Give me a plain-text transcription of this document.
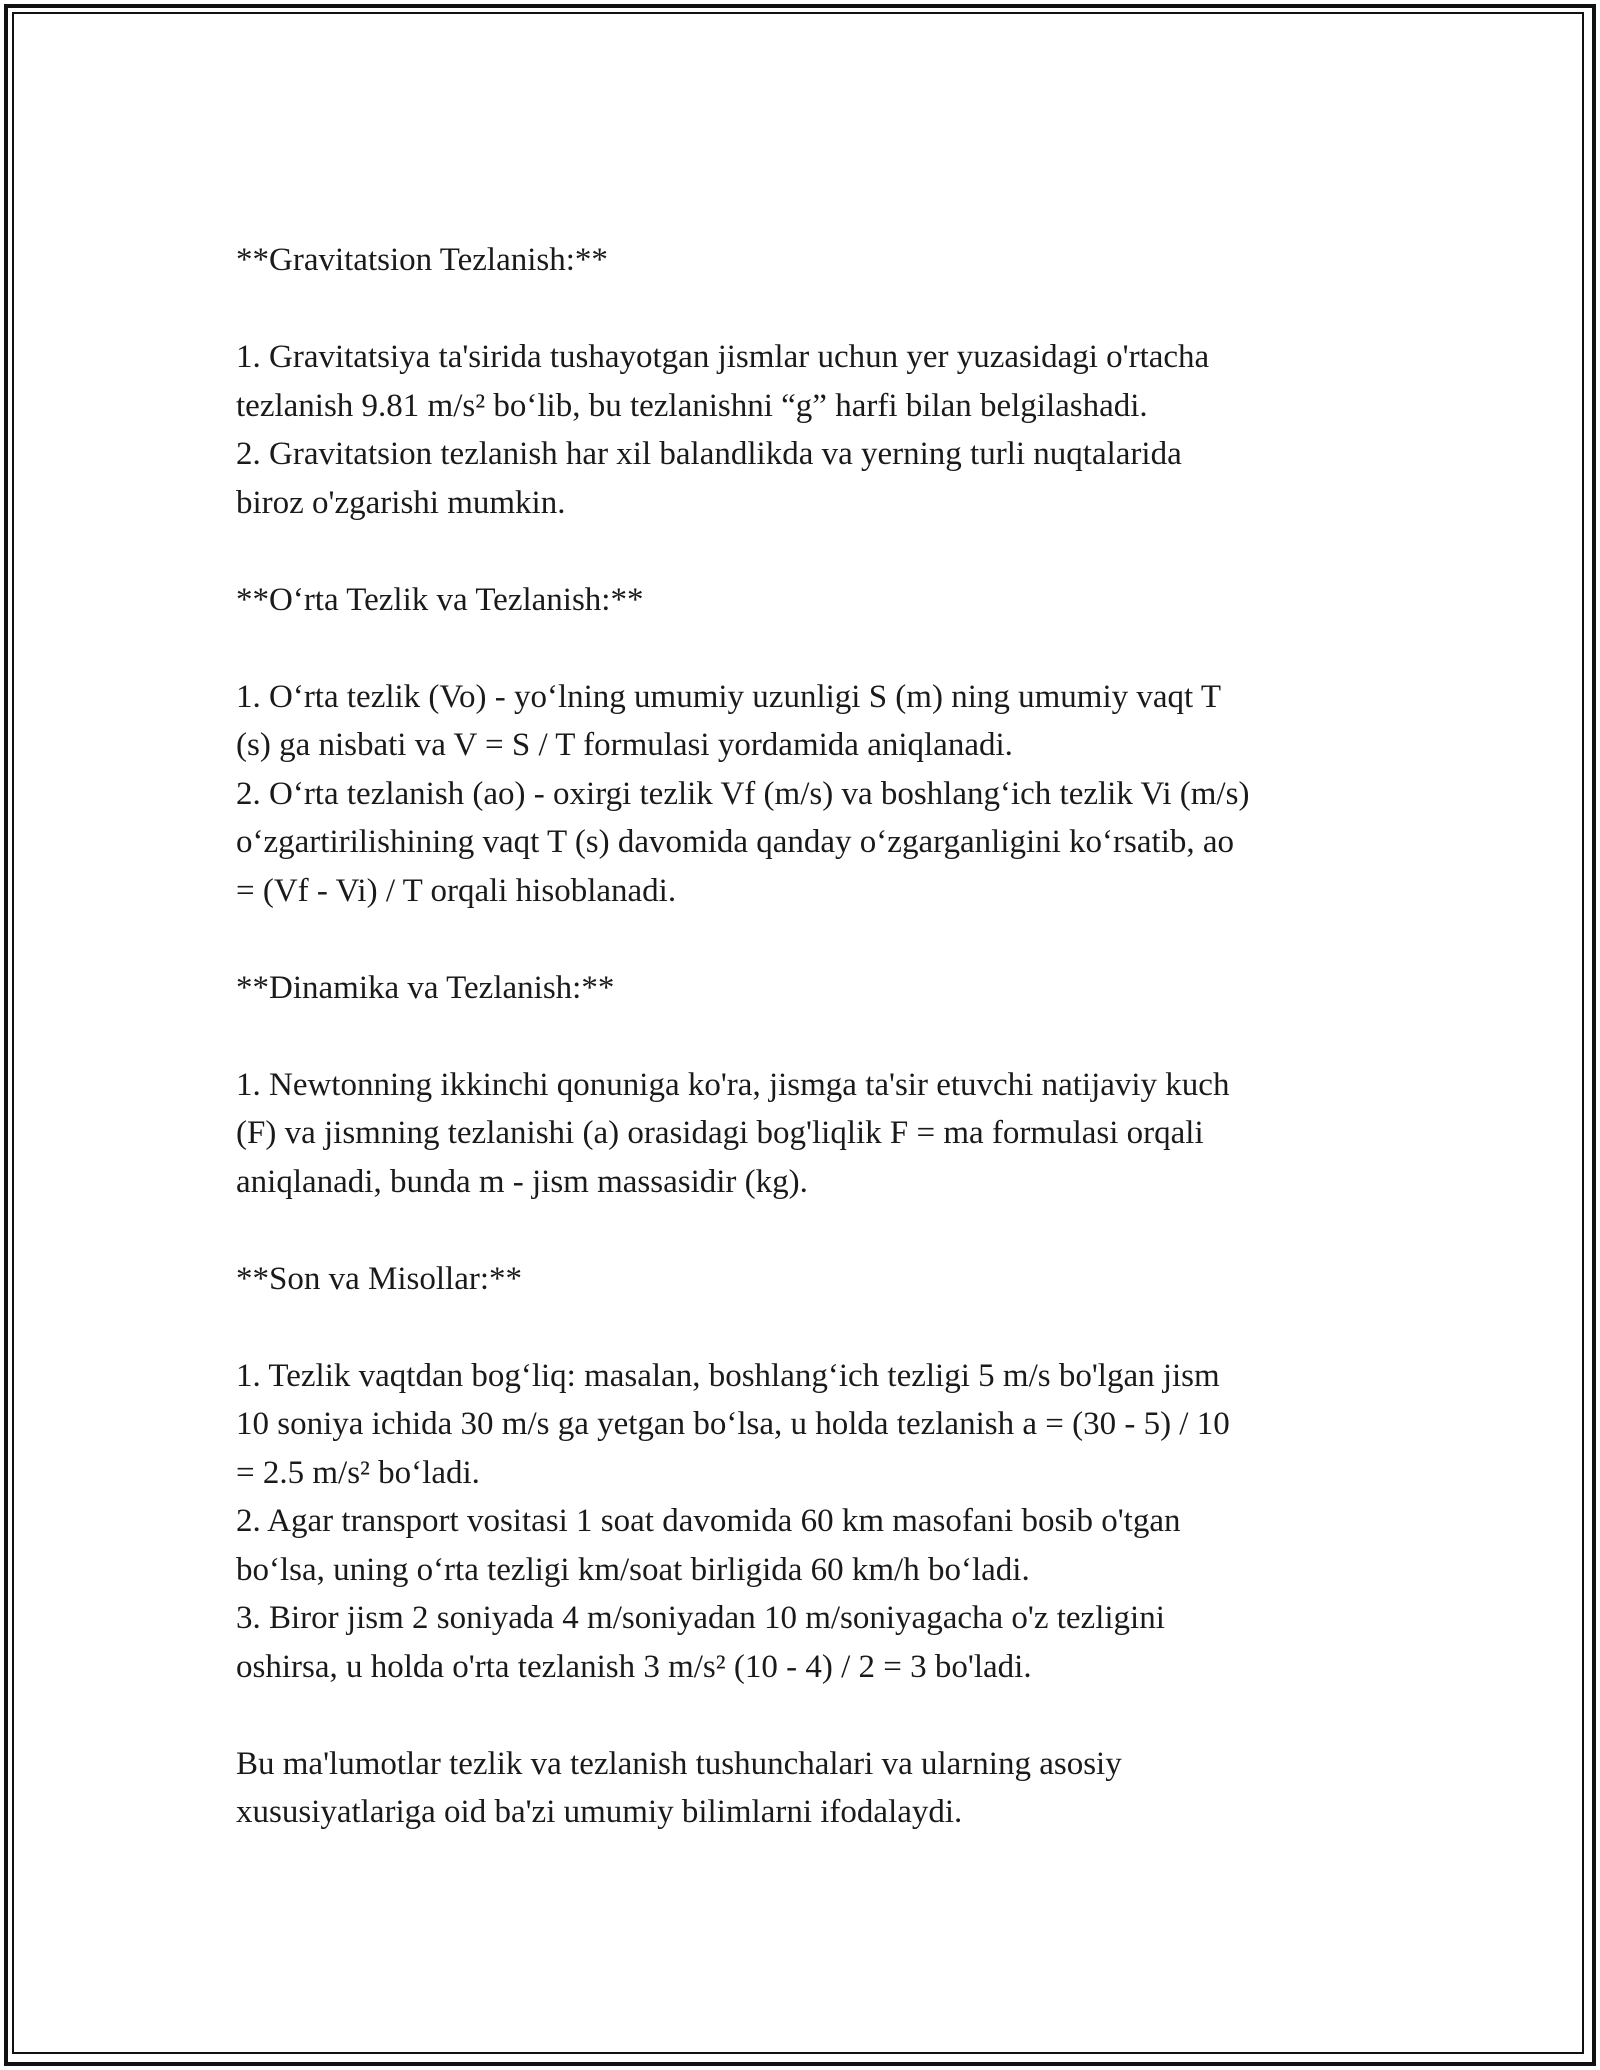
**Gravitatsion Tezlanish:**

1. Gravitatsiya ta'sirida tushayotgan jismlar uchun yer yuzasidagi o'rtacha

tezlanish 9.81 m/s² bo‘lib, bu tezlanishni “g” harfi bilan belgilashadi.

2. Gravitatsion tezlanish har xil balandlikda va yerning turli nuqtalarida

biroz o'zgarishi mumkin.

**O‘rta Tezlik va Tezlanish:**

1. O‘rta tezlik (Vo) - yo‘lning umumiy uzunligi S (m) ning umumiy vaqt T

(s) ga nisbati va V = S / T formulasi yordamida aniqlanadi.

2. O‘rta tezlanish (ao) - oxirgi tezlik Vf (m/s) va boshlang‘ich tezlik Vi (m/s)

o‘zgartirilishining vaqt T (s) davomida qanday o‘zgarganligini ko‘rsatib, ao

= (Vf - Vi) / T orqali hisoblanadi.

**Dinamika va Tezlanish:**

1. Newtonning ikkinchi qonuniga ko'ra, jismga ta'sir etuvchi natijaviy kuch

(F) va jismning tezlanishi (a) orasidagi bog'liqlik F = ma formulasi orqali

aniqlanadi, bunda m - jism massasidir (kg).

**Son va Misollar:**

1. Tezlik vaqtdan bog‘liq: masalan, boshlang‘ich tezligi 5 m/s bo'lgan jism

10 soniya ichida 30 m/s ga yetgan bo‘lsa, u holda tezlanish a = (30 - 5) / 10

= 2.5 m/s² bo‘ladi.

2. Agar transport vositasi 1 soat davomida 60 km masofani bosib o'tgan

bo‘lsa, uning o‘rta tezligi km/soat birligida 60 km/h bo‘ladi.

3. Biror jism 2 soniyada 4 m/soniyadan 10 m/soniyagacha o'z tezligini

oshirsa, u holda o'rta tezlanish 3 m/s² (10 - 4) / 2 = 3 bo'ladi.

Bu ma'lumotlar tezlik va tezlanish tushunchalari va ularning asosiy

xususiyatlariga oid ba'zi umumiy bilimlarni ifodalaydi.
